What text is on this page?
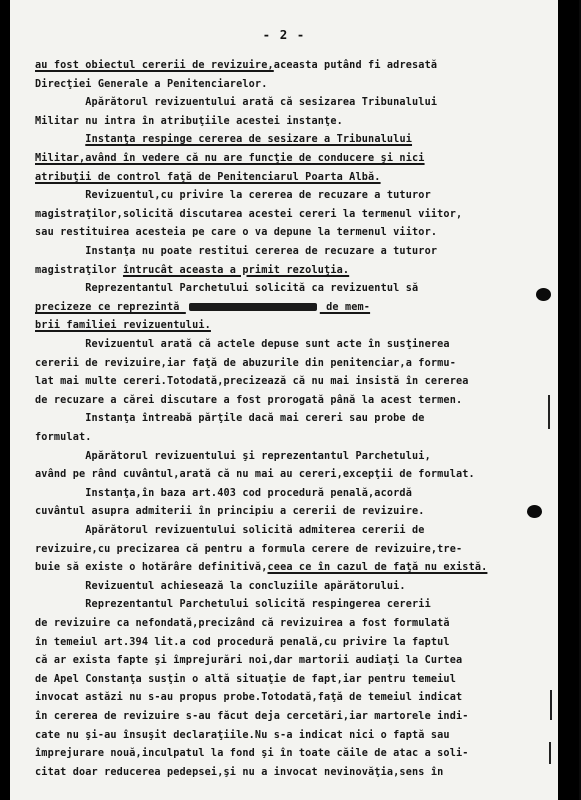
- 2 -
au fost obiectul cererii de revizuire,aceasta putând fi adresată
Direcţiei Generale a Penitenciarelor.
Apărătorul revizuentului arată că sesizarea Tribunalului
Militar nu intra în atribuţiile acestei instanţe.
Instanţa respinge cererea de sesizare a Tribunalului
Militar,având în vedere că nu are funcţie de conducere şi nici
atribuţii de control faţă de Penitenciarul Poarta Albă.
Revizuentul,cu privire la cererea de recuzare a tuturor
magistraţilor,solicită discutarea acestei cereri la termenul viitor,
sau restituirea acesteia pe care o va depune la termenul viitor.
Instanţa nu poate restitui cererea de recuzare a tuturor
magistraţilor întrucât aceasta a primit rezoluţia.
Reprezentantul Parchetului solicită ca revizuentul să
precizeze ce reprezintă	de mem-
brii familiei revizuentului.
Revizuentul arată că actele depuse sunt acte în susţinerea
cererii de revizuire,iar faţă de abuzurile din penitenciar,a formu-
lat mai multe cereri.Totodată,precizează că nu mai insistă în cererea
de recuzare a cărei discutare a fost prorogată până la acest termen.
Instanţa întreabă părţile dacă mai cereri sau probe de
formulat.
Apărătorul revizuentului şi reprezentantul Parchetului,
având pe rând cuvântul,arată că nu mai au cereri,excepţii de formulat.
Instanţa,în baza art.403 cod procedură penală,acordă
cuvântul asupra admiterii în principiu a cererii de revizuire.
Apărătorul revizuentului solicită admiterea cererii de
revizuire,cu precizarea că pentru a formula cerere de revizuire,tre-
buie să existe o hotărâre definitivă,ceea ce în cazul de faţă nu există.
Revizuentul achiesează la concluziile apărătorului.
Reprezentantul Parchetului solicită respingerea cererii
de revizuire ca nefondată,precizând că revizuirea a fost formulată
în temeiul art.394 lit.a cod procedură penală,cu privire la faptul
că ar exista fapte şi împrejurări noi,dar martorii audiaţi la Curtea
de Apel Constanţa susţin o altă situaţie de fapt,iar pentru temeiul
invocat astăzi nu s-au propus probe.Totodată,faţă de temeiul indicat
în cererea de revizuire s-au făcut deja cercetări,iar martorele indi-
cate nu şi-au însuşit declaraţiile.Nu s-a indicat nici o faptă sau
împrejurare nouă,inculpatul la fond şi în toate căile de atac a soli-
citat doar reducerea pedepsei,şi nu a invocat nevinovăţia,sens în
